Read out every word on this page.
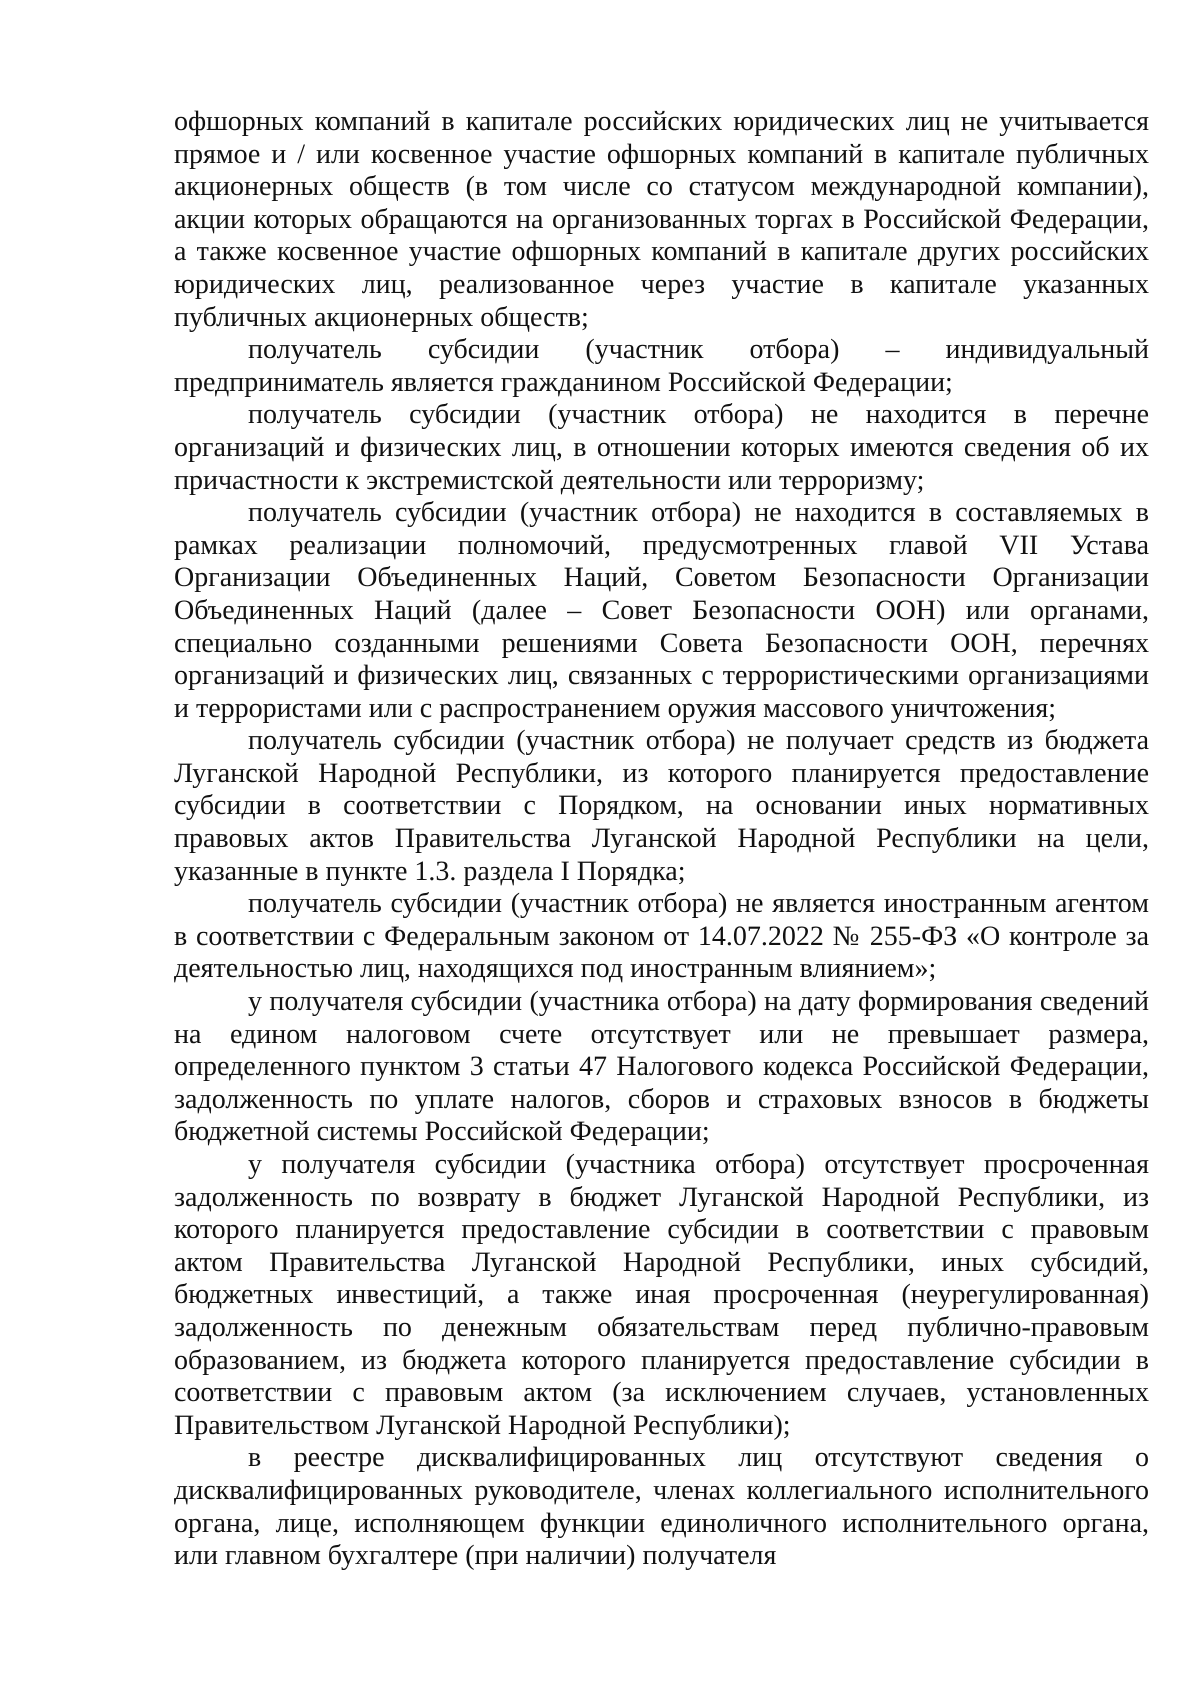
офшорных компаний в капитале российских юридических лиц не учитывается прямое и / или косвенное участие офшорных компаний в капитале публичных акционерных обществ (в том числе со статусом международной компании), акции которых обращаются на организованных торгах в Российской Федерации, а также косвенное участие офшорных компаний в капитале других российских юридических лиц, реализованное через участие в капитале указанных публичных акционерных обществ;

получатель субсидии (участник отбора) – индивидуальный предприниматель является гражданином Российской Федерации;

получатель субсидии (участник отбора) не находится в перечне организаций и физических лиц, в отношении которых имеются сведения об их причастности к экстремистской деятельности или терроризму;

получатель субсидии (участник отбора) не находится в составляемых в рамках реализации полномочий, предусмотренных главой VII Устава Организации Объединенных Наций, Советом Безопасности Организации Объединенных Наций (далее – Совет Безопасности ООН) или органами, специально созданными решениями Совета Безопасности ООН, перечнях организаций и физических лиц, связанных с террористическими организациями и террористами или с распространением оружия массового уничтожения;

получатель субсидии (участник отбора) не получает средств из бюджета Луганской Народной Республики, из которого планируется предоставление субсидии в соответствии с Порядком, на основании иных нормативных правовых актов Правительства Луганской Народной Республики на цели, указанные в пункте 1.3. раздела I Порядка;

получатель субсидии (участник отбора) не является иностранным агентом в соответствии с Федеральным законом от 14.07.2022 № 255-ФЗ «О контроле за деятельностью лиц, находящихся под иностранным влиянием»;

у получателя субсидии (участника отбора) на дату формирования сведений на едином налоговом счете отсутствует или не превышает размера, определенного пунктом 3 статьи 47 Налогового кодекса Российской Федерации, задолженность по уплате налогов, сборов и страховых взносов в бюджеты бюджетной системы Российской Федерации;

у получателя субсидии (участника отбора) отсутствует просроченная задолженность по возврату в бюджет Луганской Народной Республики, из которого планируется предоставление субсидии в соответствии с правовым актом Правительства Луганской Народной Республики, иных субсидий, бюджетных инвестиций, а также иная просроченная (неурегулированная) задолженность по денежным обязательствам перед публично-правовым образованием, из бюджета которого планируется предоставление субсидии в соответствии с правовым актом (за исключением случаев, установленных Правительством Луганской Народной Республики);

в реестре дисквалифицированных лиц отсутствуют сведения о дисквалифицированных руководителе, членах коллегиального исполнительного органа, лице, исполняющем функции единоличного исполнительного органа, или главном бухгалтере (при наличии) получателя
